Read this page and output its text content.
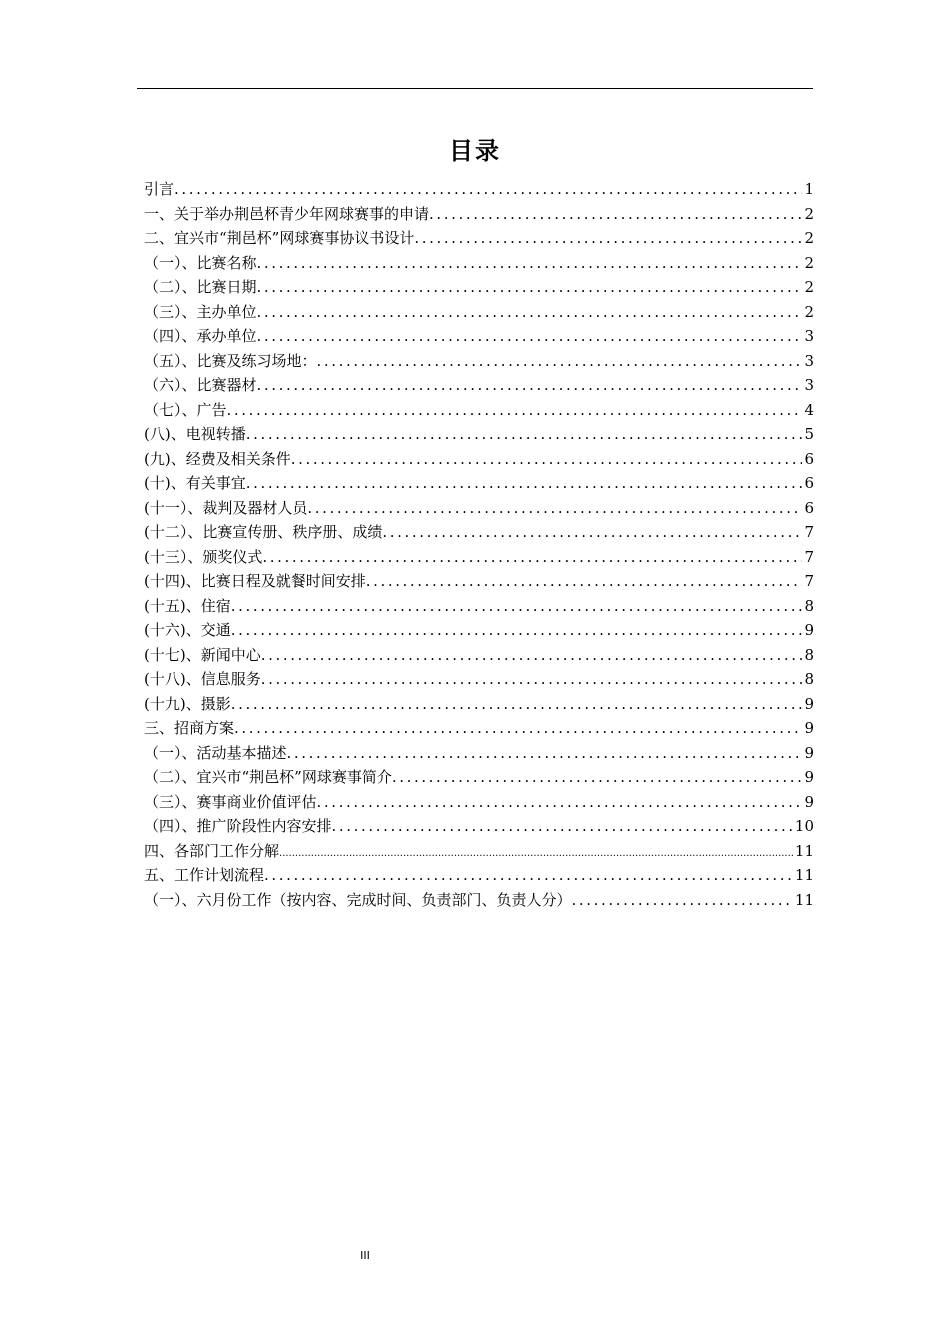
目录
引言 .....	1
一、关于举办荆邑杯青少年网球赛事的申请 .....	2
二、宜兴市“荆邑杯”网球赛事协议书设计 .....	2
（一）、比赛名称 .....	2
（二）、比赛日期 .....	2
（三）、主办单位 .....	2
（四）、承办单位 .....	3
（五）、比赛及练习场地： .....	3
（六）、比赛器材 .....	3
（七）、广告 .....	4
(八)、电视转播 .....	5
(九)、经费及相关条件 .....	6
(十)、有关事宜 .....	6
(十一）、裁判及器材人员 .....	6
(十二）、比赛宣传册、秩序册、成绩 .....	7
(十三）、颁奖仪式 .....	7
(十四)、比赛日程及就餐时间安排 .....	7
(十五)、住宿 .....	8
(十六)、交通 .....	9
(十七)、新闻中心 .....	8
(十八)、信息服务 .....	8
(十九)、摄影 .....	9
三、招商方案 .....	9
（一）、活动基本描述 .....	9
（二）、宜兴市“荆邑杯”网球赛事简介 .....	9
（三）、赛事商业价值评估 .....	9
（四）、推广阶段性内容安排 .....	10
四、各部门工作分解 .....	11
五、工作计划流程 .....	11
（一）、六月份工作（按内容、完成时间、负责部门、负责人分） .....	11
III
